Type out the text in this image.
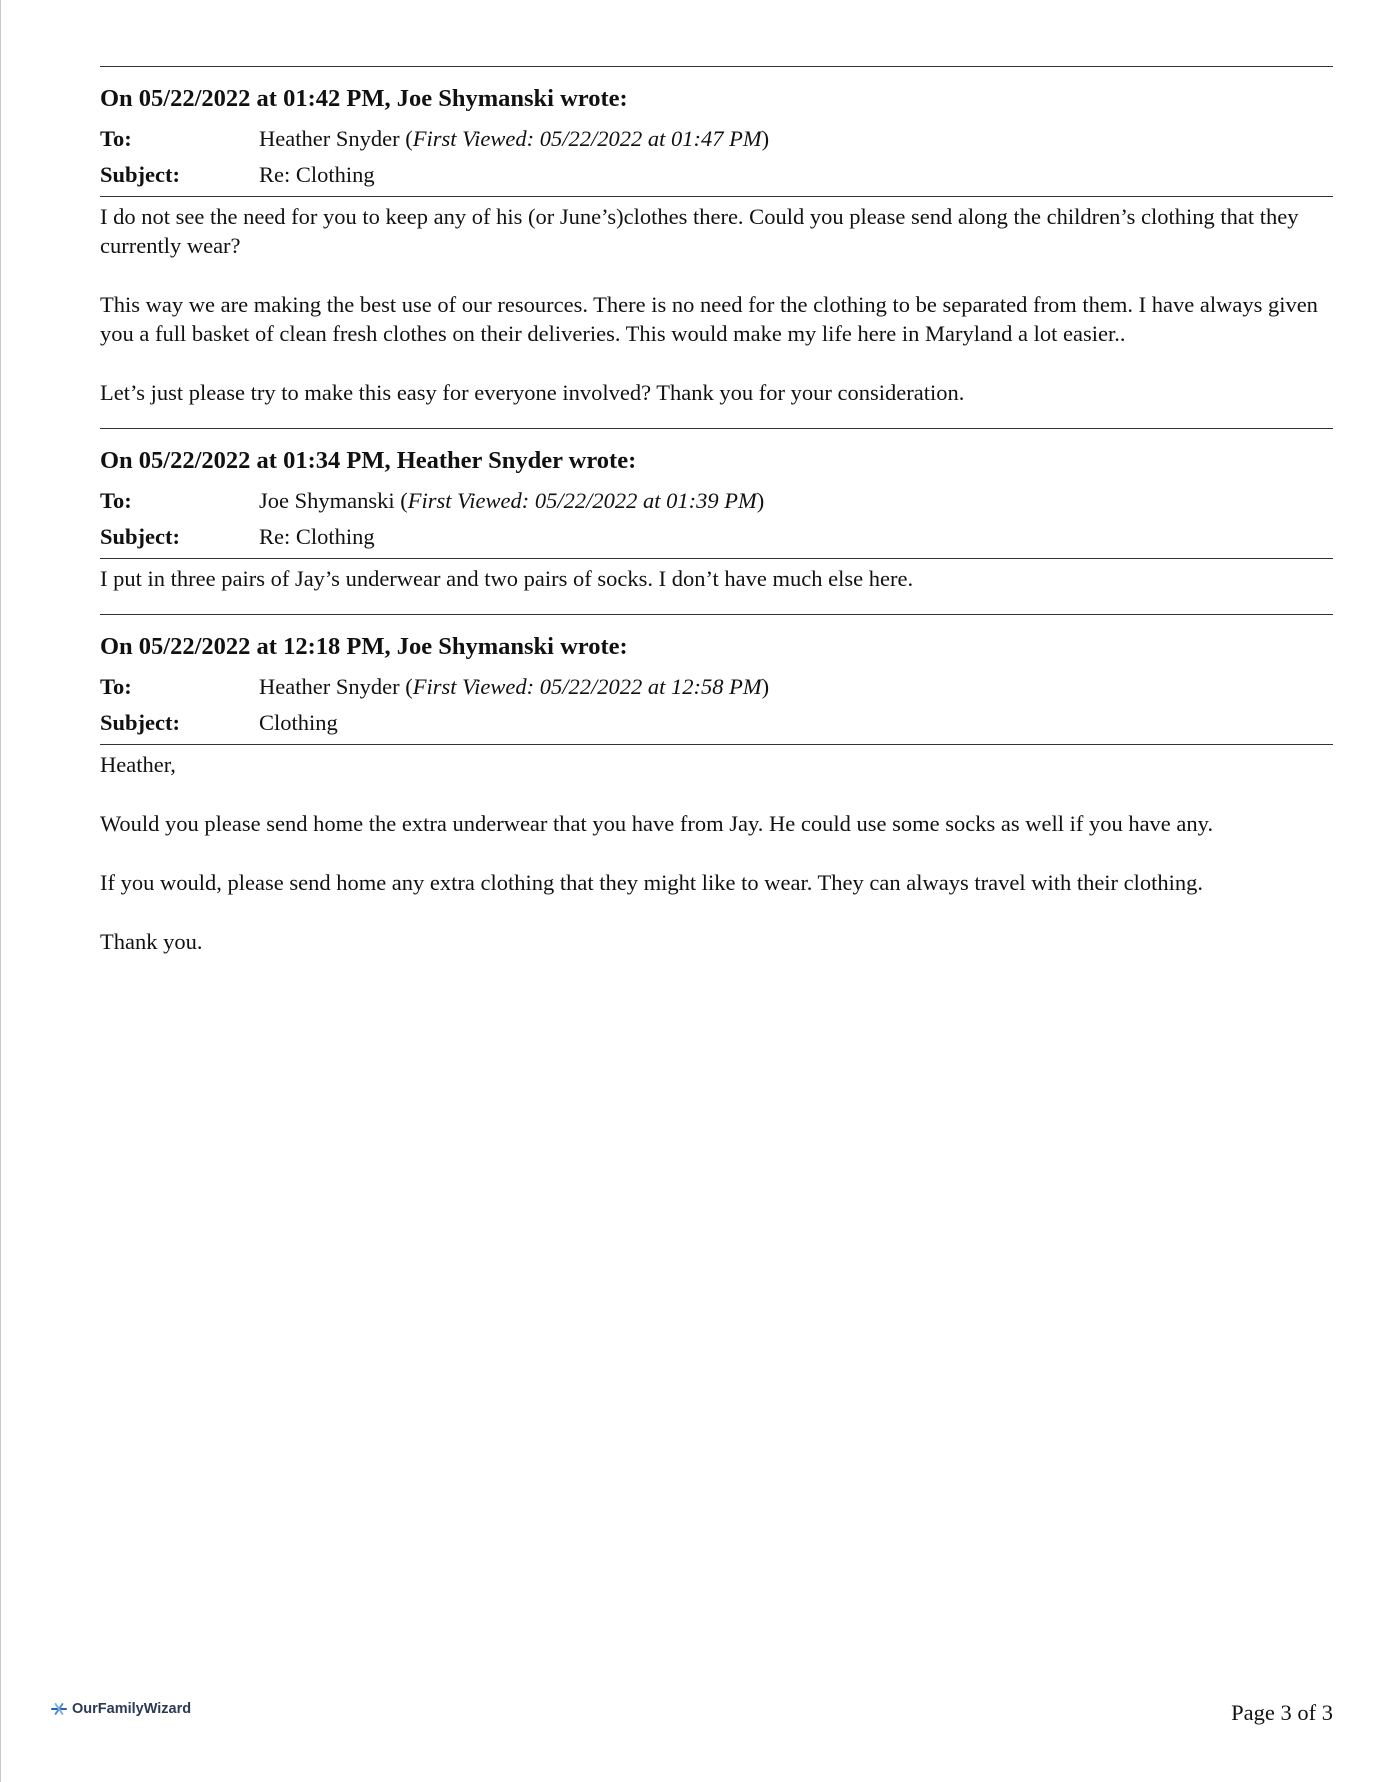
On 05/22/2022 at 01:42 PM, Joe Shymanski wrote:
To:	Heather Snyder (First Viewed: 05/22/2022 at 01:47 PM)
Subject:	Re: Clothing

I do not see the need for you to keep any of his (or June’s)clothes there. Could you please send along the children’s clothing that they currently wear?

This way we are making the best use of our resources. There is no need for the clothing to be separated from them. I have always given you a full basket of clean fresh clothes on their deliveries. This would make my life here in Maryland a lot easier..

Let’s just please try to make this easy for everyone involved? Thank you for your consideration.

On 05/22/2022 at 01:34 PM, Heather Snyder wrote:
To:	Joe Shymanski (First Viewed: 05/22/2022 at 01:39 PM)
Subject:	Re: Clothing

I put in three pairs of Jay’s underwear and two pairs of socks. I don’t have much else here.

On 05/22/2022 at 12:18 PM, Joe Shymanski wrote:
To:	Heather Snyder (First Viewed: 05/22/2022 at 12:58 PM)
Subject:	Clothing

Heather,

Would you please send home the extra underwear that you have from Jay. He could use some socks as well if you have any.

If you would, please send home any extra clothing that they might like to wear. They can always travel with their clothing.

Thank you.

OurFamilyWizard	Page 3 of 3
